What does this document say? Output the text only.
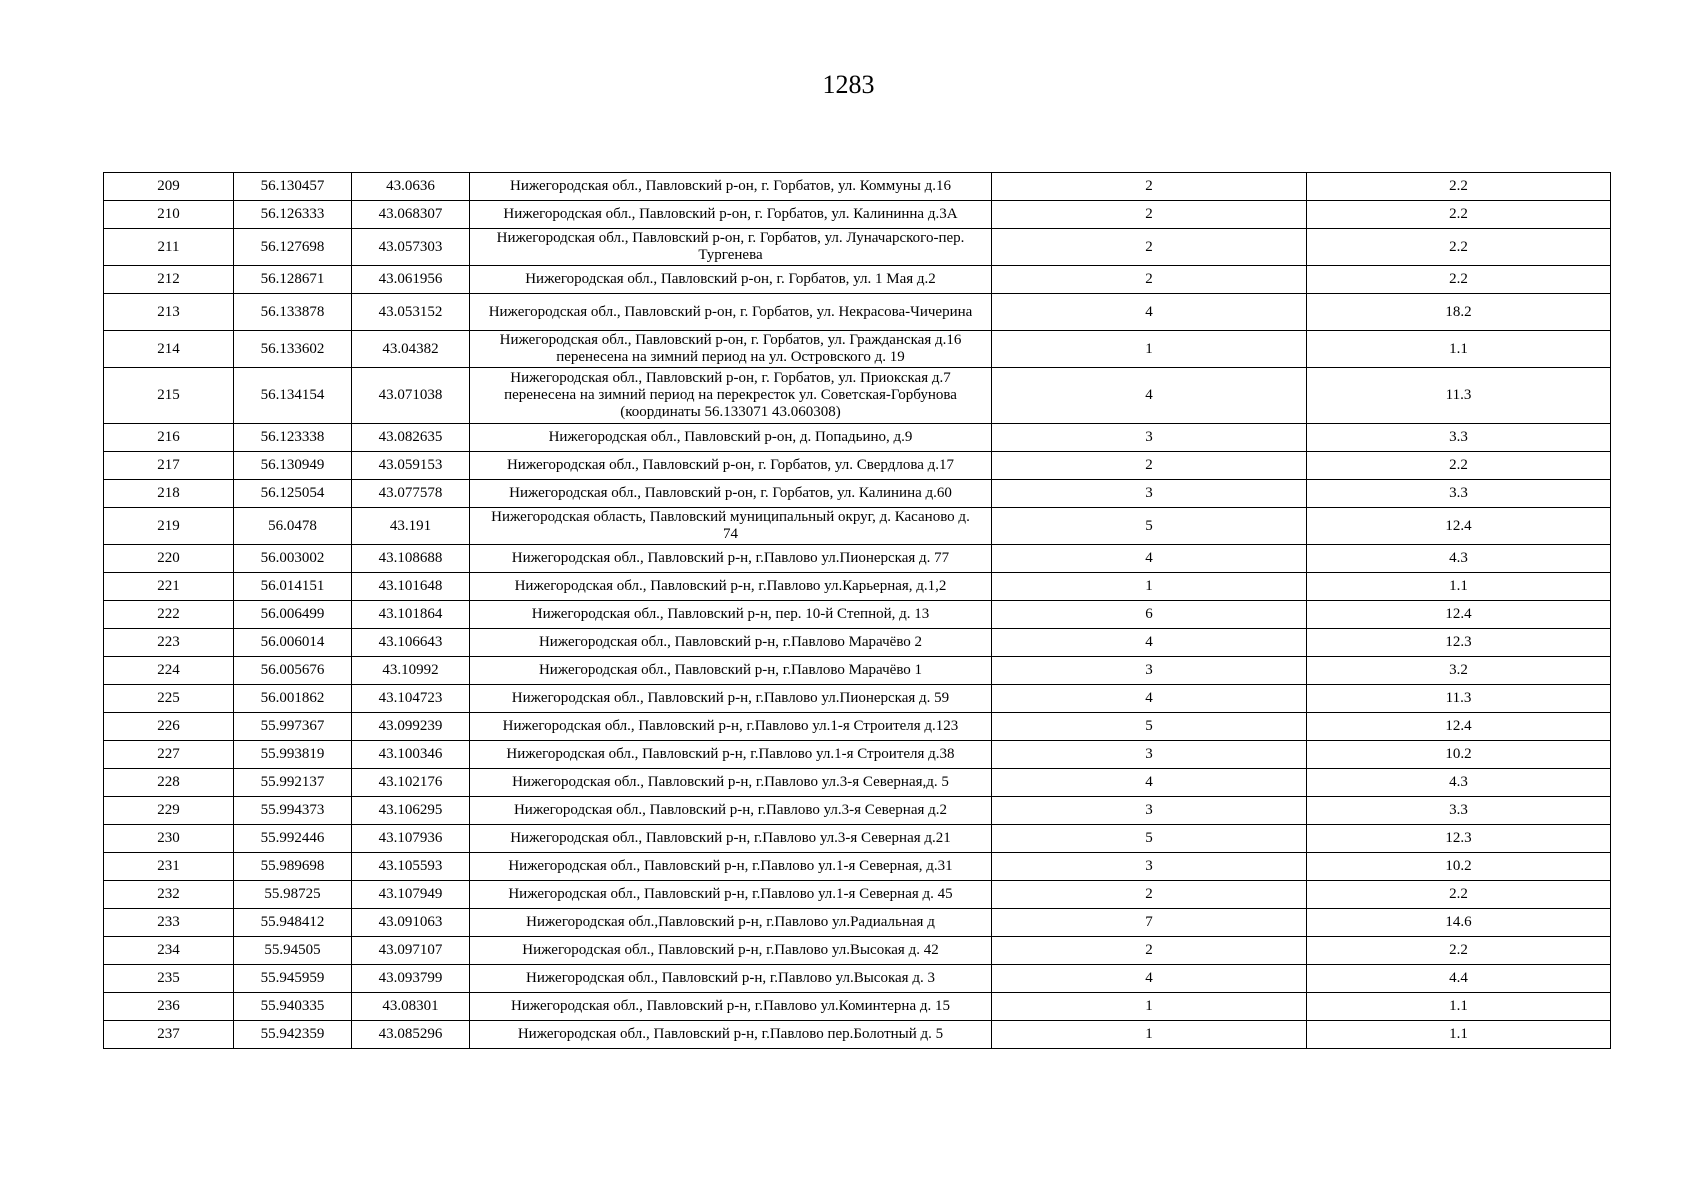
1283
209	56.130457	43.0636	Нижегородская обл., Павловский р-он, г. Горбатов, ул. Коммуны д.16	2	2.2
210	56.126333	43.068307	Нижегородская обл., Павловский р-он, г. Горбатов, ул. Калининна д.3А	2	2.2
211	56.127698	43.057303	Нижегородская обл., Павловский р-он, г. Горбатов, ул. Луначарского-пер. Тургенева	2	2.2
212	56.128671	43.061956	Нижегородская обл., Павловский р-он, г. Горбатов, ул. 1 Мая д.2	2	2.2
213	56.133878	43.053152	Нижегородская обл., Павловский р-он, г. Горбатов, ул. Некрасова-Чичерина	4	18.2
214	56.133602	43.04382	Нижегородская обл., Павловский р-он, г. Горбатов, ул. Гражданская д.16 перенесена на зимний период на ул. Островского д. 19	1	1.1
215	56.134154	43.071038	Нижегородская обл., Павловский р-он, г. Горбатов, ул. Приокская д.7 перенесена на зимний период на перекресток ул. Советская-Горбунова (координаты 56.133071 43.060308)	4	11.3
216	56.123338	43.082635	Нижегородская обл., Павловский р-он, д. Попадьино, д.9	3	3.3
217	56.130949	43.059153	Нижегородская обл., Павловский р-он, г. Горбатов, ул. Свердлова д.17	2	2.2
218	56.125054	43.077578	Нижегородская обл., Павловский р-он, г. Горбатов, ул. Калинина д.60	3	3.3
219	56.0478	43.191	Нижегородская область, Павловский муниципальный округ, д. Касаново д. 74	5	12.4
220	56.003002	43.108688	Нижегородская обл., Павловский р-н, г.Павлово ул.Пионерская д. 77	4	4.3
221	56.014151	43.101648	Нижегородская обл., Павловский р-н, г.Павлово ул.Карьерная, д.1,2	1	1.1
222	56.006499	43.101864	Нижегородская обл., Павловский р-н, пер. 10-й Степной, д. 13	6	12.4
223	56.006014	43.106643	Нижегородская обл., Павловский р-н, г.Павлово Марачёво 2	4	12.3
224	56.005676	43.10992	Нижегородская обл., Павловский р-н, г.Павлово Марачёво 1	3	3.2
225	56.001862	43.104723	Нижегородская обл., Павловский р-н, г.Павлово ул.Пионерская д. 59	4	11.3
226	55.997367	43.099239	Нижегородская обл., Павловский р-н, г.Павлово ул.1-я Строителя д.123	5	12.4
227	55.993819	43.100346	Нижегородская обл., Павловский р-н, г.Павлово ул.1-я Строителя д.38	3	10.2
228	55.992137	43.102176	Нижегородская обл., Павловский р-н, г.Павлово ул.3-я Северная,д. 5	4	4.3
229	55.994373	43.106295	Нижегородская обл., Павловский р-н, г.Павлово ул.3-я Северная д.2	3	3.3
230	55.992446	43.107936	Нижегородская обл., Павловский р-н, г.Павлово ул.3-я Северная д.21	5	12.3
231	55.989698	43.105593	Нижегородская обл., Павловский р-н, г.Павлово ул.1-я Северная, д.31	3	10.2
232	55.98725	43.107949	Нижегородская обл., Павловский р-н, г.Павлово ул.1-я Северная д. 45	2	2.2
233	55.948412	43.091063	Нижегородская обл.,Павловский р-н, г.Павлово ул.Радиальная д	7	14.6
234	55.94505	43.097107	Нижегородская обл., Павловский р-н, г.Павлово ул.Высокая д. 42	2	2.2
235	55.945959	43.093799	Нижегородская обл., Павловский р-н, г.Павлово ул.Высокая д. 3	4	4.4
236	55.940335	43.08301	Нижегородская обл., Павловский р-н, г.Павлово ул.Коминтерна д. 15	1	1.1
237	55.942359	43.085296	Нижегородская обл., Павловский р-н, г.Павлово пер.Болотный д. 5	1	1.1
